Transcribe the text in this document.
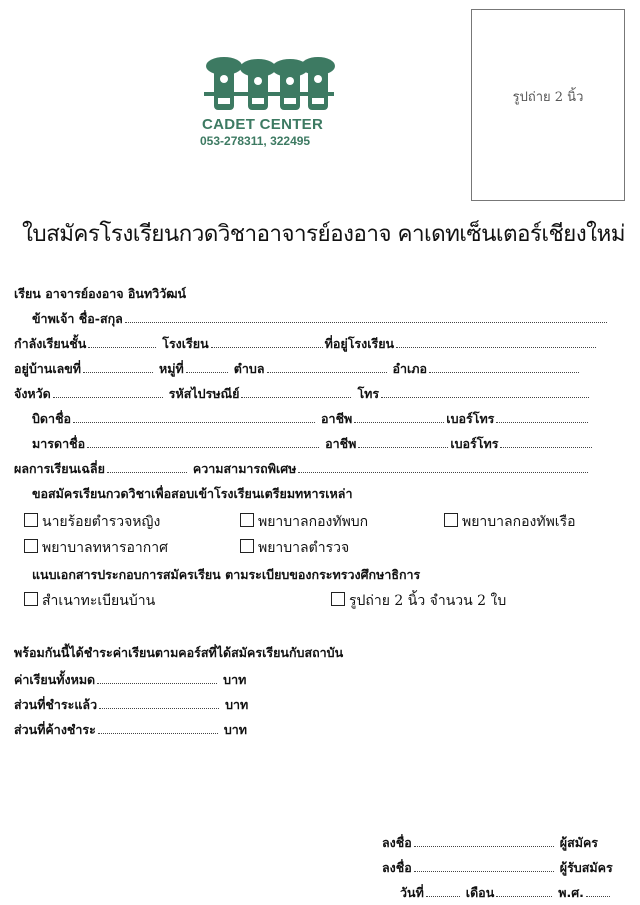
CADET CENTER
053-278311, 322495
รูปถ่าย 2 นิ้ว
ใบสมัครโรงเรียนกวดวิชาอาจารย์องอาจ คาเดทเซ็นเตอร์เชียงใหม่
เรียน อาจารย์องอาจ อินทวิวัฒน์
ข้าพเจ้า ชื่อ-สกุล
กำลังเรียนชั้น	โรงเรียน	ที่อยู่โรงเรียน
อยู่บ้านเลขที่	หมู่ที่	ตำบล	อำเภอ
จังหวัด	รหัสไปรษณีย์	โทร
บิดาชื่อ	อาชีพ	เบอร์โทร
มารดาชื่อ	อาชีพ	เบอร์โทร
ผลการเรียนเฉลี่ย	ความสามารถพิเศษ
ขอสมัครเรียนกวดวิชาเพื่อสอบเข้าโรงเรียนเตรียมทหารเหล่า
นายร้อยตำรวจหญิง	พยาบาลกองทัพบก	พยาบาลกองทัพเรือ
พยาบาลทหารอากาศ	พยาบาลตำรวจ
แนบเอกสารประกอบการสมัครเรียน ตามระเบียบของกระทรวงศึกษาธิการ
สำเนาทะเบียนบ้าน	รูปถ่าย 2 นิ้ว จำนวน 2 ใบ
พร้อมกันนี้ได้ชำระค่าเรียนตามคอร์สที่ได้สมัครเรียนกับสถาบัน
ค่าเรียนทั้งหมด	บาท
ส่วนที่ชำระแล้ว	บาท
ส่วนที่ค้างชำระ	บาท
ลงชื่อ	ผู้สมัคร
ลงชื่อ	ผู้รับสมัคร
วันที่	เดือน	พ.ศ.
